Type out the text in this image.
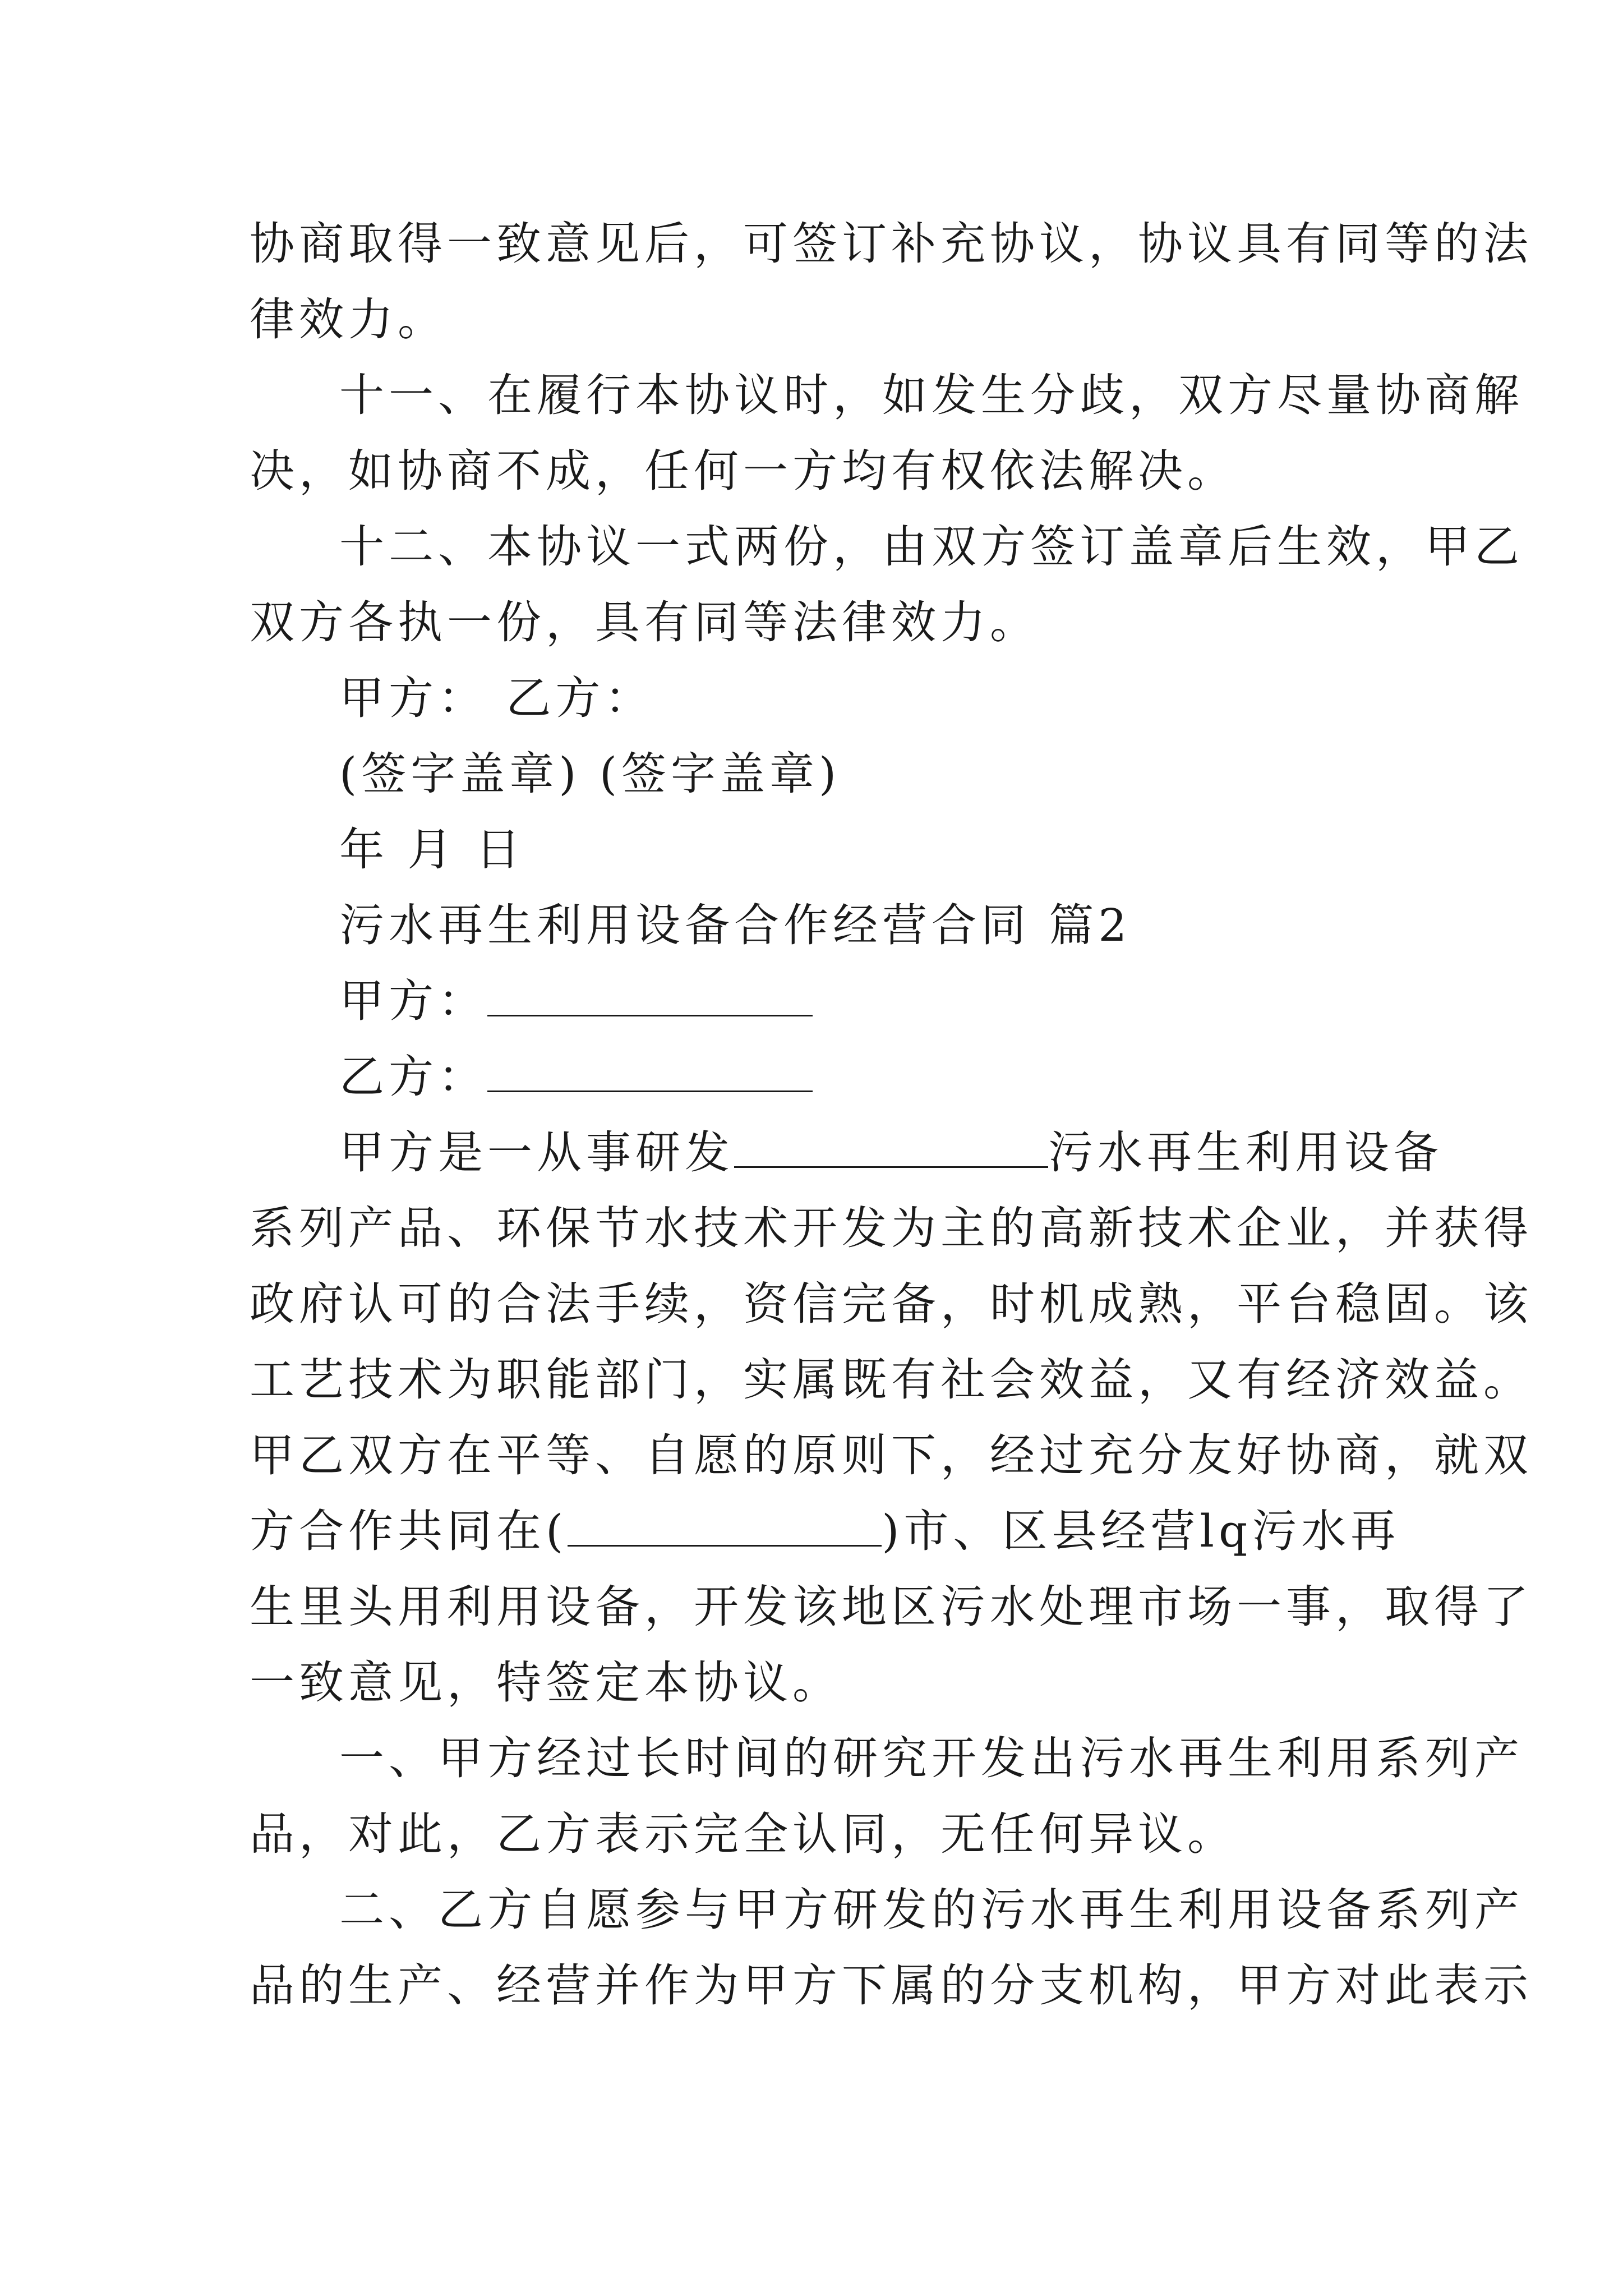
协商取得一致意见后，可签订补充协议，协议具有同等的法
律效力。
十一、在履行本协议时，如发生分歧，双方尽量协商解
决，如协商不成，任何一方均有权依法解决。
十二、本协议一式两份，由双方签订盖章后生效，甲乙
双方各执一份，具有同等法律效力。
甲方： 乙方：
(签字盖章) (签字盖章)
年 月 日
污水再生利用设备合作经营合同 篇2
甲方：
乙方：
甲方是一从事研发	污水再生利用设备
系列产品、环保节水技术开发为主的高新技术企业，并获得
政府认可的合法手续，资信完备，时机成熟，平台稳固。该
工艺技术为职能部门，实属既有社会效益，又有经济效益。
甲乙双方在平等、自愿的原则下，经过充分友好协商，就双
方合作共同在(	)市、区县经营lq污水再
生里头用利用设备，开发该地区污水处理市场一事，取得了
一致意见，特签定本协议。
一、甲方经过长时间的研究开发出污水再生利用系列产
品，对此，乙方表示完全认同，无任何异议。
二、乙方自愿参与甲方研发的污水再生利用设备系列产
品的生产、经营并作为甲方下属的分支机构，甲方对此表示
